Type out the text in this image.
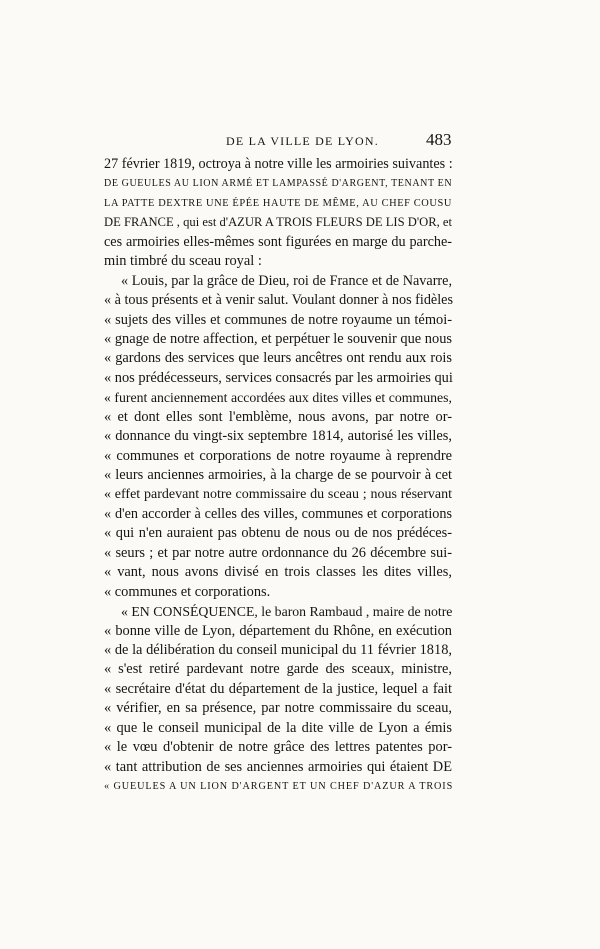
DE LA VILLE DE LYON.	483
27 février 1819, octroya à notre ville les armoiries suivantes :
DE GUEULES AU LION ARMÉ ET LAMPASSÉ D'ARGENT, TENANT EN
LA PATTE DEXTRE UNE ÉPÉE HAUTE DE MÊME, AU CHEF COUSU
DE FRANCE , qui est d'AZUR A TROIS FLEURS DE LIS D'OR, et
ces armoiries elles-mêmes sont figurées en marge du parche-
min timbré du sceau royal :
« Louis, par la grâce de Dieu, roi de France et de Navarre,
« à tous présents et à venir salut. Voulant donner à nos fidèles
« sujets des villes et communes de notre royaume un témoi-
« gnage de notre affection, et perpétuer le souvenir que nous
« gardons des services que leurs ancêtres ont rendu aux rois
« nos prédécesseurs, services consacrés par les armoiries qui
« furent anciennement accordées aux dites villes et communes,
« et dont elles sont l'emblème, nous avons, par notre or-
« donnance du vingt-six septembre 1814, autorisé les villes,
« communes et corporations de notre royaume à reprendre
« leurs anciennes armoiries, à la charge de se pourvoir à cet
« effet pardevant notre commissaire du sceau ; nous réservant
« d'en accorder à celles des villes, communes et corporations
« qui n'en auraient pas obtenu de nous ou de nos prédéces-
« seurs ; et par notre autre ordonnance du 26 décembre sui-
« vant, nous avons divisé en trois classes les dites villes,
« communes et corporations.
« EN CONSÉQUENCE, le baron Rambaud , maire de notre
« bonne ville de Lyon, département du Rhône, en exécution
« de la délibération du conseil municipal du 11 février 1818,
« s'est retiré pardevant notre garde des sceaux, ministre,
« secrétaire d'état du département de la justice, lequel a fait
« vérifier, en sa présence, par notre commissaire du sceau,
« que le conseil municipal de la dite ville de Lyon a émis
« le vœu d'obtenir de notre grâce des lettres patentes por-
« tant attribution de ses anciennes armoiries qui étaient DE
« GUEULES A UN LION D'ARGENT ET UN CHEF D'AZUR A TROIS
